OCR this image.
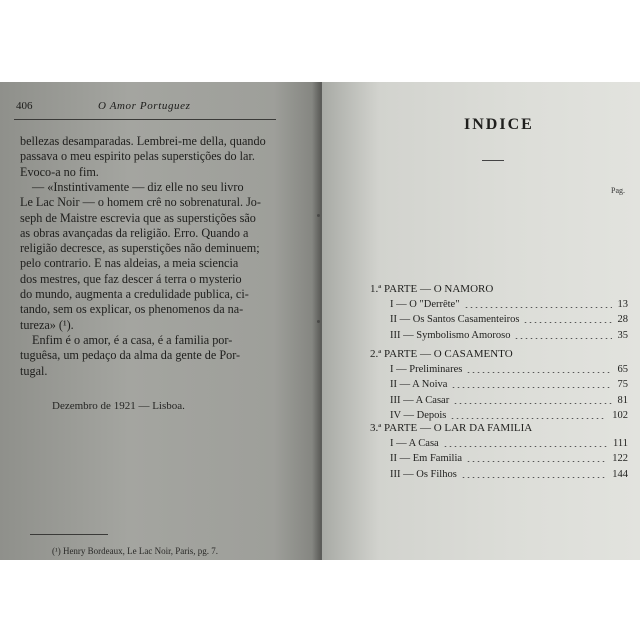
406	O Amor Portuguez
bellezas desamparadas. Lembrei-me della, quando
passava o meu espirito pelas superstições do lar.
Evoco-a no fim.
— «Instintivamente — diz elle no seu livro
Le Lac Noir — o homem crê no sobrenatural. Jo-
seph de Maistre escrevia que as superstições são
as obras avançadas da religião. Erro. Quando a
religião decresce, as superstições não deminuem;
pelo contrario. E nas aldeias, a meia sciencia
dos mestres, que faz descer á terra o mysterio
do mundo, augmenta a credulidade publica, ci-
tando, sem os explicar, os phenomenos da na-
tureza» (¹).
Enfim é o amor, é a casa, é a familia por-
tuguêsa, um pedaço da alma da gente de Por-
tugal.
Dezembro de 1921 — Lisboa.
(¹) Henry Bordeaux, Le Lac Noir, Paris, pg. 7.
INDICE
Pag.
1.ª PARTE — O NAMORO
I — O "Derrête"	13
II — Os Santos Casamenteiros	28
III — Symbolismo Amoroso	35
2.ª PARTE — O CASAMENTO
I — Preliminares	65
II — A Noiva	75
III — A Casar	81
IV — Depois	102
3.ª PARTE — O LAR DA FAMILIA
I — A Casa	111
II — Em Familia	122
III — Os Filhos	144
